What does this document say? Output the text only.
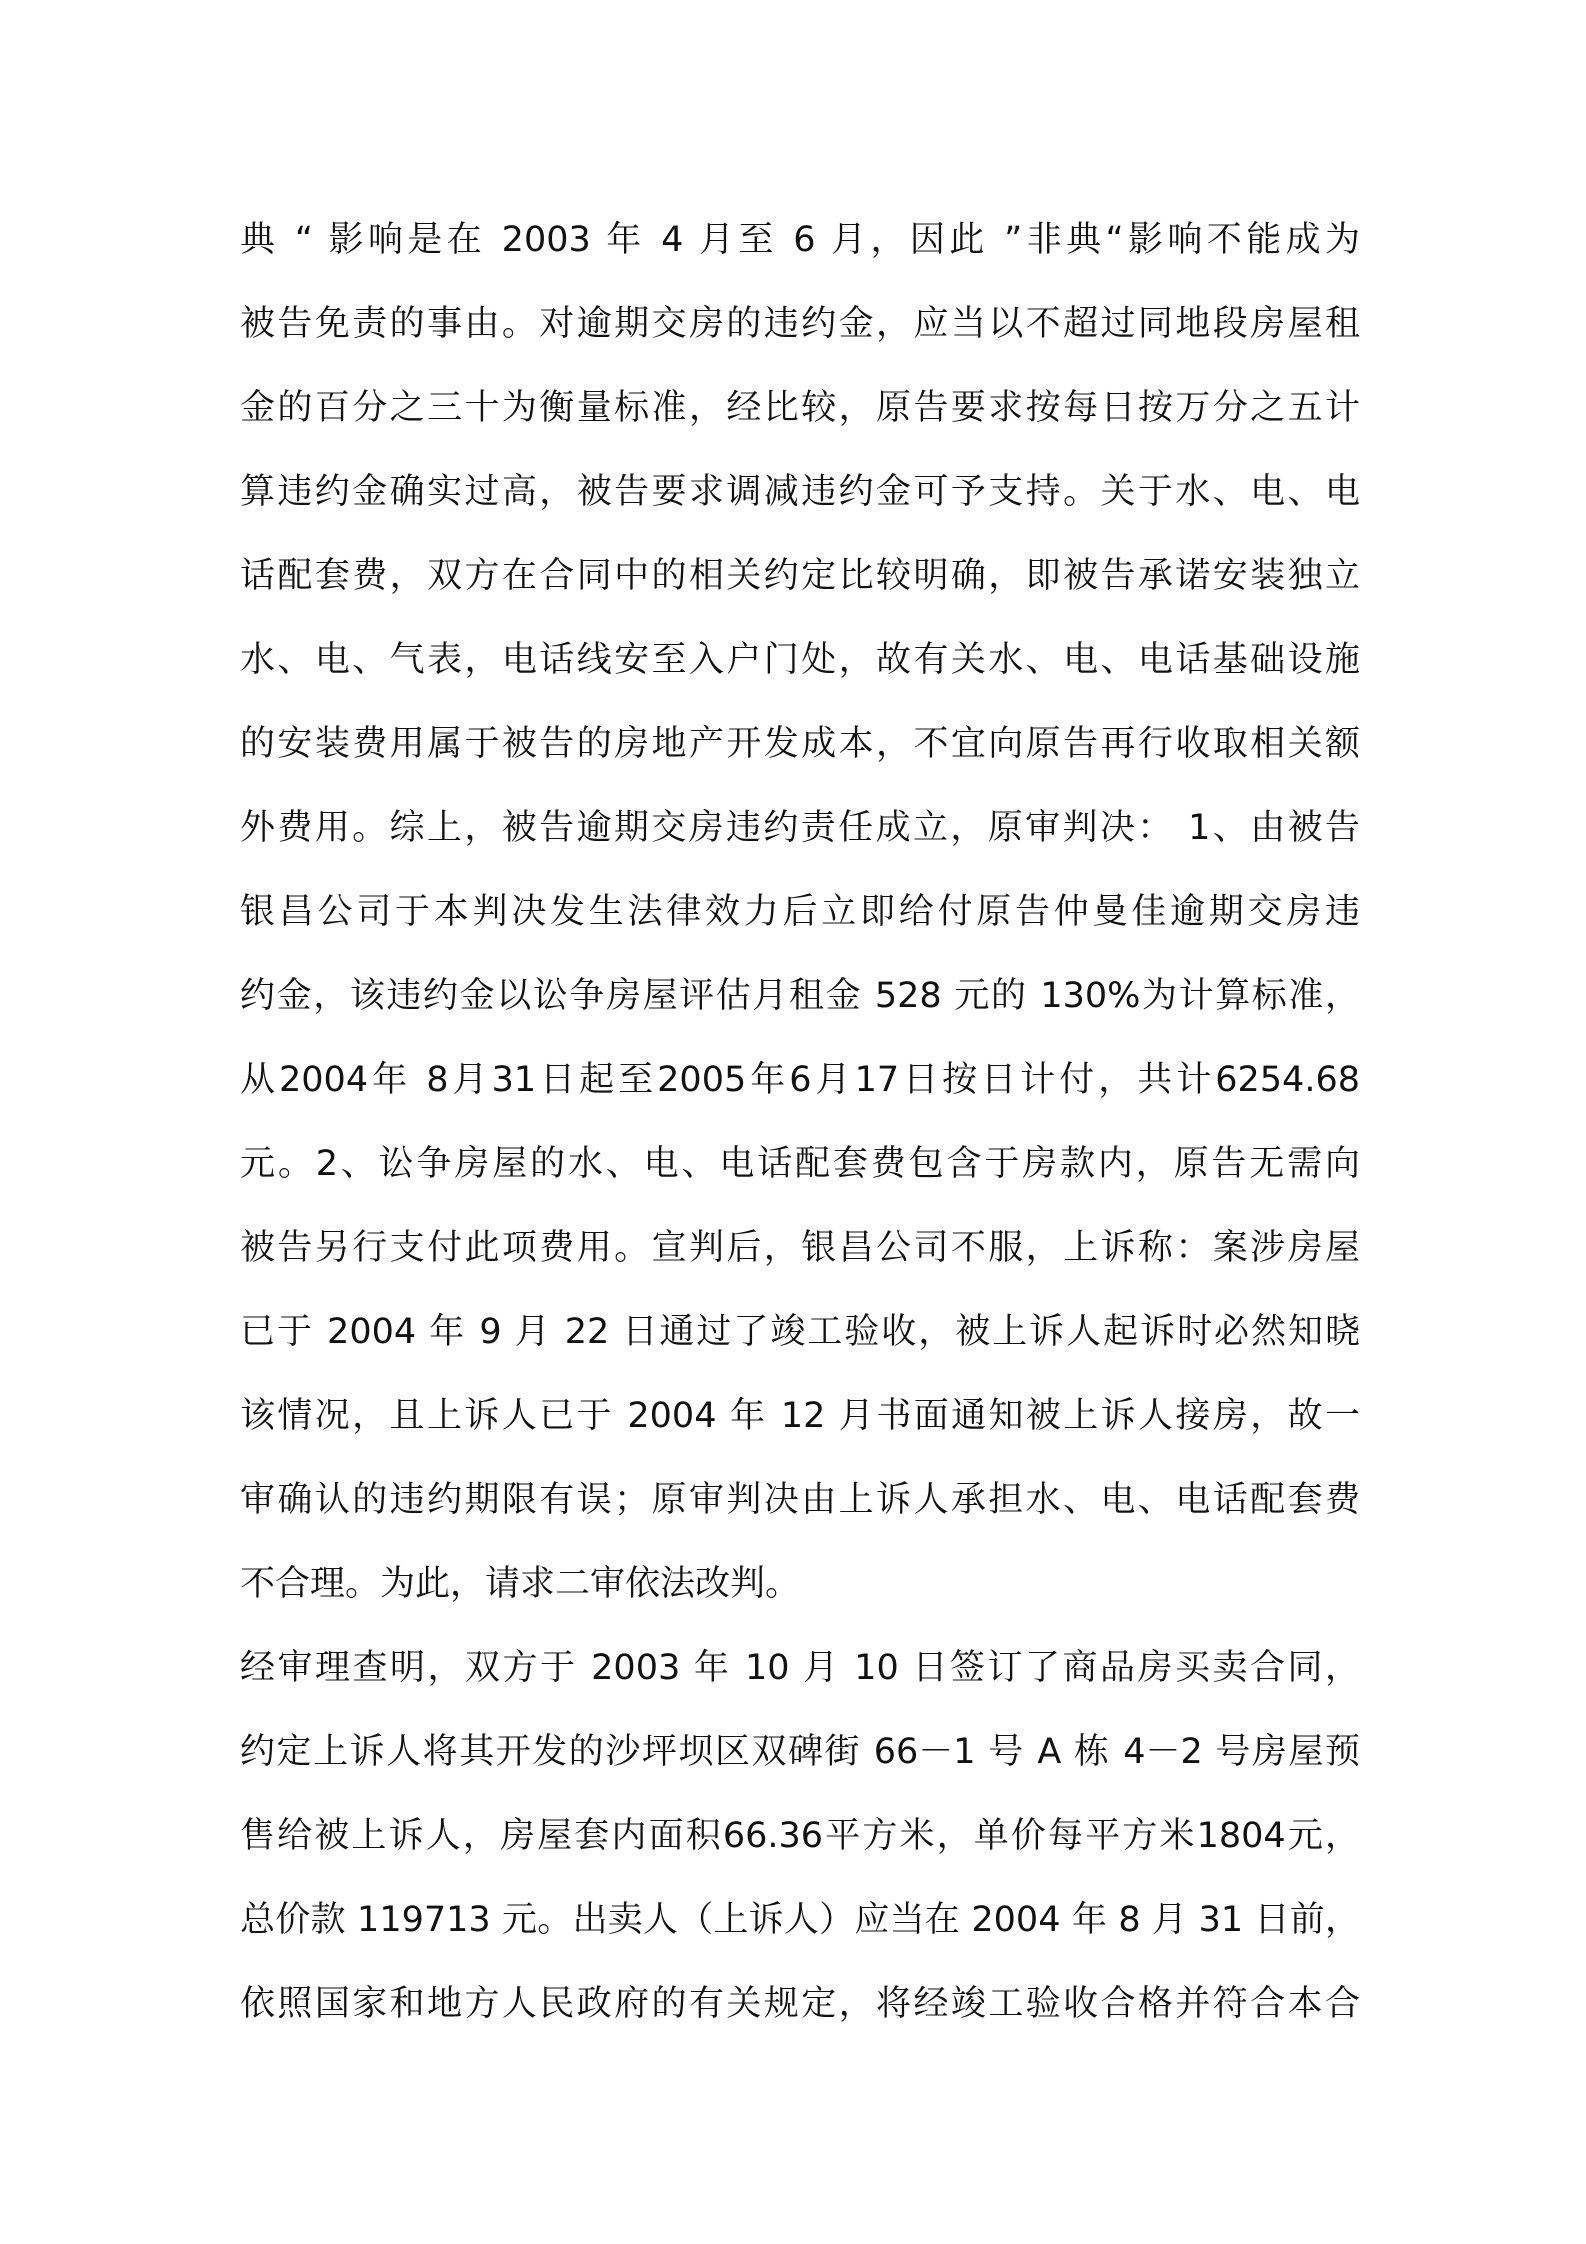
典 “ 影响是在 2003 年 4 月至 6 月，因此 ”非典“影响不能成为
被告免责的事由。对逾期交房的违约金，应当以不超过同地段房屋租
金的百分之三十为衡量标准，经比较，原告要求按每日按万分之五计
算违约金确实过高，被告要求调减违约金可予支持。关于水、电、电
话配套费，双方在合同中的相关约定比较明确，即被告承诺安装独立
水、电、气表，电话线安至入户门处，故有关水、电、电话基础设施
的安装费用属于被告的房地产开发成本，不宜向原告再行收取相关额
外费用。综上，被告逾期交房违约责任成立，原审判决： 1、由被告
银昌公司于本判决发生法律效力后立即给付原告仲曼佳逾期交房违
约金，该违约金以讼争房屋评估月租金 528 元的 130%为计算标准，
从2004年 8月31日起至2005年6月17日按日计付，共计6254.68
元。2、讼争房屋的水、电、电话配套费包含于房款内，原告无需向
被告另行支付此项费用。宣判后，银昌公司不服，上诉称：案涉房屋
已于 2004 年 9 月 22 日通过了竣工验收，被上诉人起诉时必然知晓
该情况，且上诉人已于 2004 年 12 月书面通知被上诉人接房，故一
审确认的违约期限有误；原审判决由上诉人承担水、电、电话配套费
不合理。为此，请求二审依法改判。
经审理查明，双方于 2003 年 10 月 10 日签订了商品房买卖合同，
约定上诉人将其开发的沙坪坝区双碑街 66－1 号 A 栋 4－2 号房屋预
售给被上诉人，房屋套内面积66.36平方米，单价每平方米1804元，
总价款 119713 元。出卖人（上诉人）应当在 2004 年 8 月 31 日前，
依照国家和地方人民政府的有关规定，将经竣工验收合格并符合本合
